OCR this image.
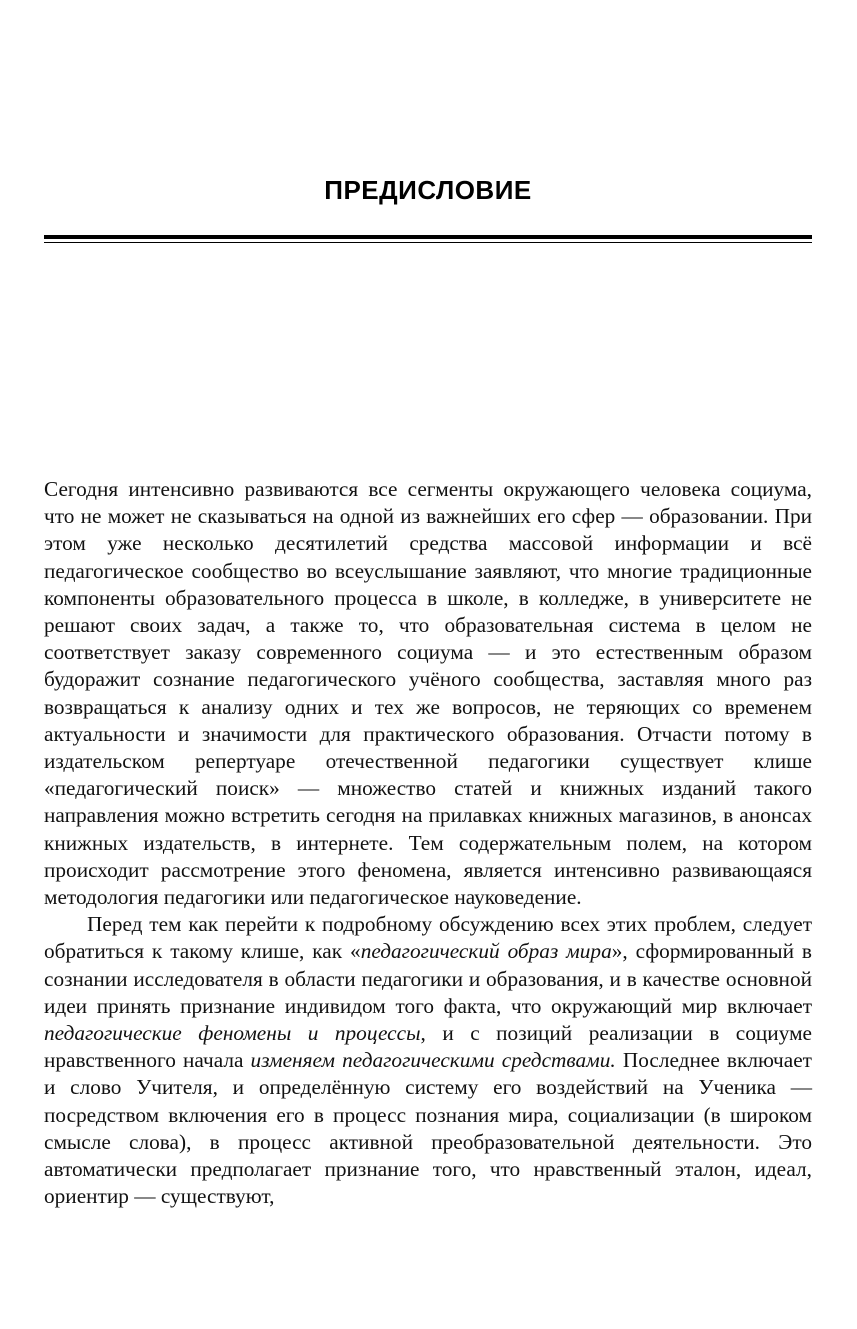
ПРЕДИСЛОВИЕ

Сегодня интенсивно развиваются все сегменты окружающего человека социума, что не может не сказываться на одной из важнейших его сфер — образовании. При этом уже несколько десятилетий средства массовой информации и всё педагогическое сообщество во всеуслышание заявляют, что многие традиционные компоненты образовательного процесса в школе, в колледже, в университете не решают своих задач, а также то, что образовательная система в целом не соответствует заказу современного социума — и это естественным образом будоражит сознание педагогического учёного сообщества, заставляя много раз возвращаться к анализу одних и тех же вопросов, не теряющих со временем актуальности и значимости для практического образования. Отчасти потому в издательском репертуаре отечественной педагогики существует клише «педагогический поиск» — множество статей и книжных изданий такого направления можно встретить сегодня на прилавках книжных магазинов, в анонсах книжных издательств, в интернете. Тем содержательным полем, на котором происходит рассмотрение этого феномена, является интенсивно развивающаяся методология педагогики или педагогическое науковедение.

Перед тем как перейти к подробному обсуждению всех этих проблем, следует обратиться к такому клише, как «педагогический образ мира», сформированный в сознании исследователя в области педагогики и образования, и в качестве основной идеи принять признание индивидом того факта, что окружающий мир включает педагогические феномены и процессы, и с позиций реализации в социуме нравственного начала изменяем педагогическими средствами. Последнее включает и слово Учителя, и определённую систему его воздействий на Ученика — посредством включения его в процесс познания мира, социализации (в широком смысле слова), в процесс активной преобразовательной деятельности. Это автоматически предполагает признание того, что нравственный эталон, идеал, ориентир — существуют,
